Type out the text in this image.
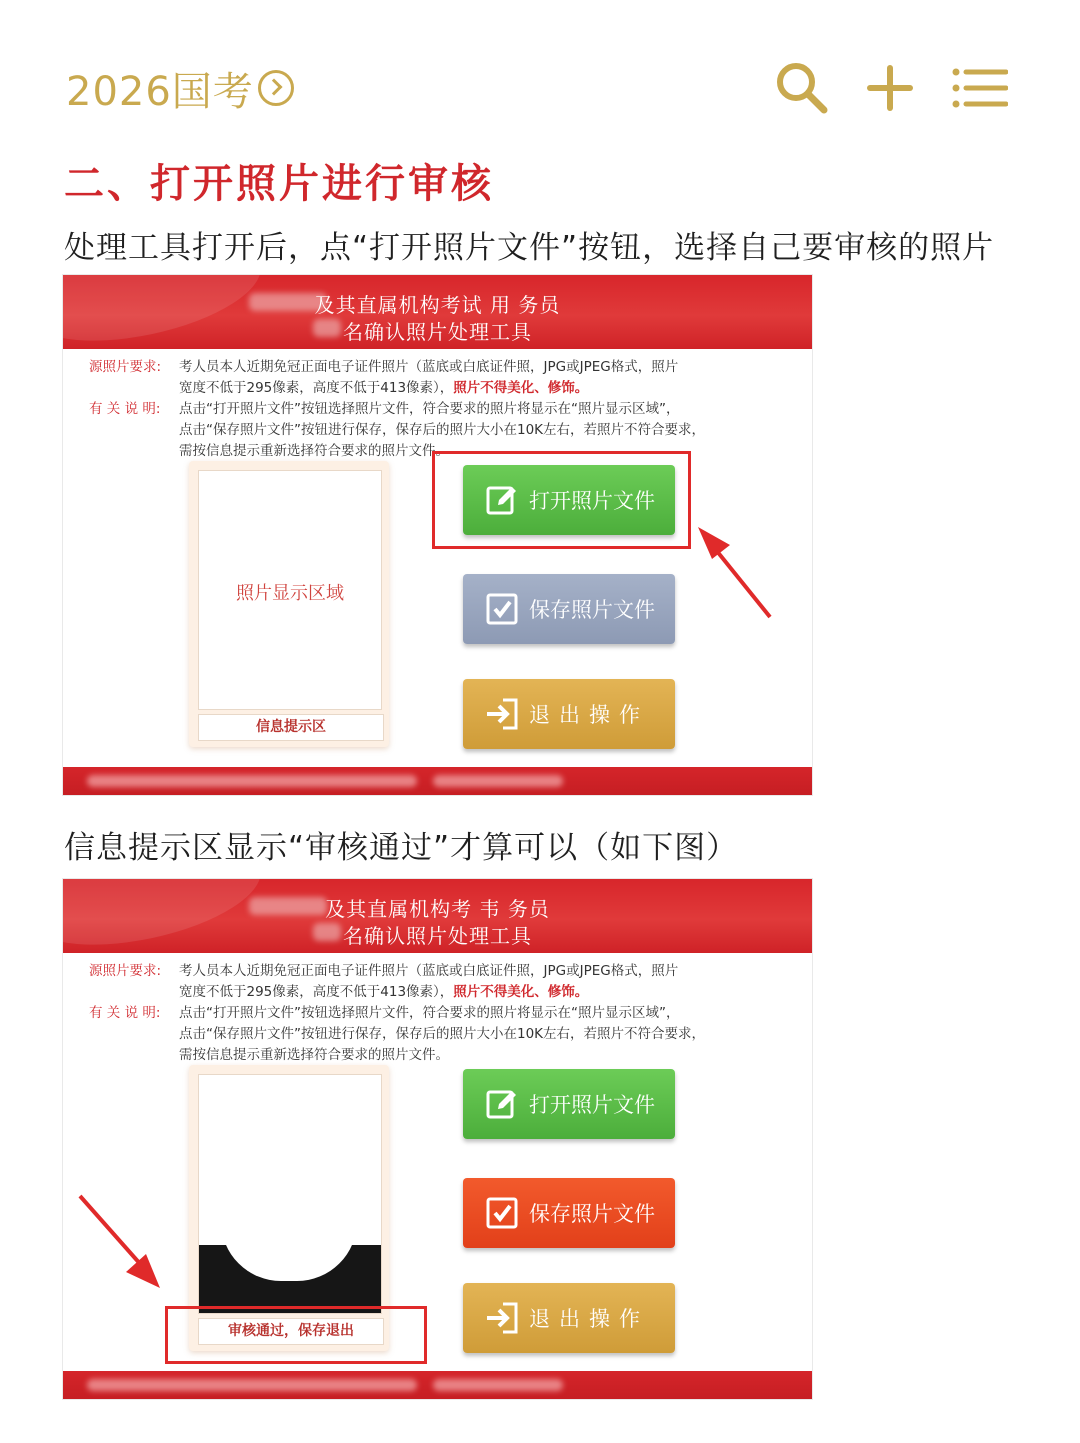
2026国考
二、打开照片进行审核
处理工具打开后，点“打开照片文件”按钮，选择自己要审核的照片
及其直属机构考试 用 务员
名确认照片处理工具
源照片要求: 考人员本人近期免冠正面电子证件照片（蓝底或白底证件照，JPG或JPEG格式，照片
宽度不低于295像素，高度不低于413像素），照片不得美化、修饰。
有 关 说 明: 点击“打开照片文件”按钮选择照片文件，符合要求的照片将显示在“照片显示区域”，
点击“保存照片文件”按钮进行保存，保存后的照片大小在10K左右，若照片不符合要求，
需按信息提示重新选择符合要求的照片文件。
照片显示区域
信息提示区
打开照片文件
保存照片文件
退出操作
信息提示区显示“审核通过”才算可以（如下图）
及其直属机构考 韦 务员
名确认照片处理工具
源照片要求: 考人员本人近期免冠正面电子证件照片（蓝底或白底证件照，JPG或JPEG格式，照片
宽度不低于295像素，高度不低于413像素），照片不得美化、修饰。
有 关 说 明: 点击“打开照片文件”按钮选择照片文件，符合要求的照片将显示在“照片显示区域”，
点击“保存照片文件”按钮进行保存，保存后的照片大小在10K左右，若照片不符合要求，
需按信息提示重新选择符合要求的照片文件。
审核通过，保存退出
打开照片文件
保存照片文件
退出操作
